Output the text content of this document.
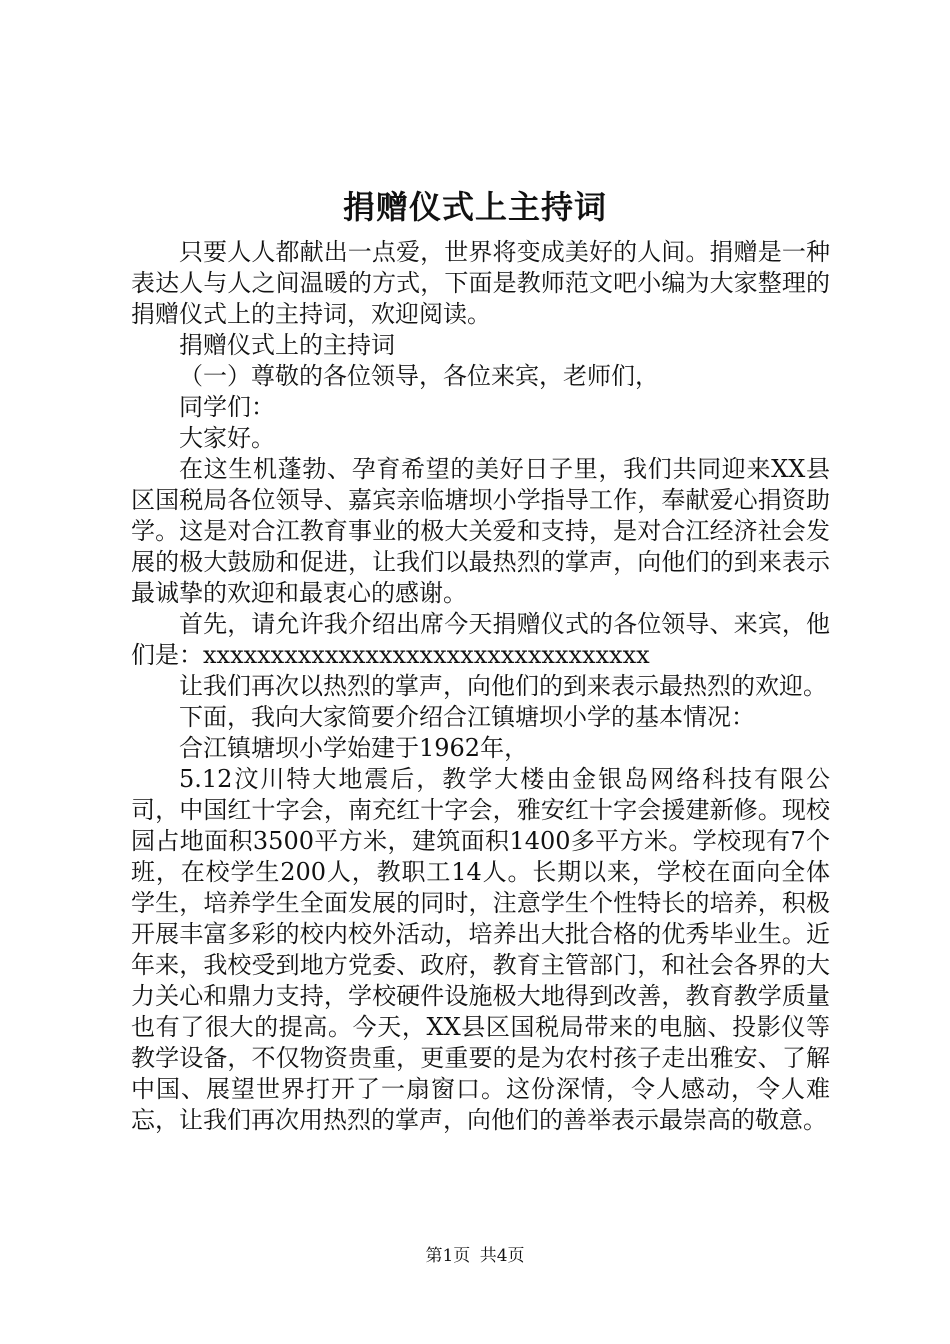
捐赠仪式上主持词

只要人人都献出一点爱，世界将变成美好的人间。捐赠是一种表达人与人之间温暖的方式，下面是教师范文吧小编为大家整理的捐赠仪式上的主持词，欢迎阅读。

捐赠仪式上的主持词

（一）尊敬的各位领导，各位来宾，老师们，

同学们：

大家好。

在这生机蓬勃、孕育希望的美好日子里，我们共同迎来XX县区国税局各位领导、嘉宾亲临塘坝小学指导工作，奉献爱心捐资助学。这是对合江教育事业的极大关爱和支持，是对合江经济社会发展的极大鼓励和促进，让我们以最热烈的掌声，向他们的到来表示最诚挚的欢迎和最衷心的感谢。

首先，请允许我介绍出席今天捐赠仪式的各位领导、来宾，他们是：xxxxxxxxxxxxxxxxxxxxxxxxxxxxxxxxx

让我们再次以热烈的掌声，向他们的到来表示最热烈的欢迎。

下面，我向大家简要介绍合江镇塘坝小学的基本情况：

合江镇塘坝小学始建于1962年，

5.12汶川特大地震后，教学大楼由金银岛网络科技有限公司，中国红十字会，南充红十字会，雅安红十字会援建新修。现校园占地面积3500平方米，建筑面积1400多平方米。学校现有7个班，在校学生200人，教职工14人。长期以来，学校在面向全体学生，培养学生全面发展的同时，注意学生个性特长的培养，积极开展丰富多彩的校内校外活动，培养出大批合格的优秀毕业生。近年来，我校受到地方党委、政府，教育主管部门，和社会各界的大力关心和鼎力支持，学校硬件设施极大地得到改善，教育教学质量也有了很大的提高。今天，XX县区国税局带来的电脑、投影仪等教学设备，不仅物资贵重，更重要的是为农村孩子走出雅安、了解中国、展望世界打开了一扇窗口。这份深情，令人感动，令人难忘，让我们再次用热烈的掌声，向他们的善举表示最崇高的敬意。

第1页 共4页
